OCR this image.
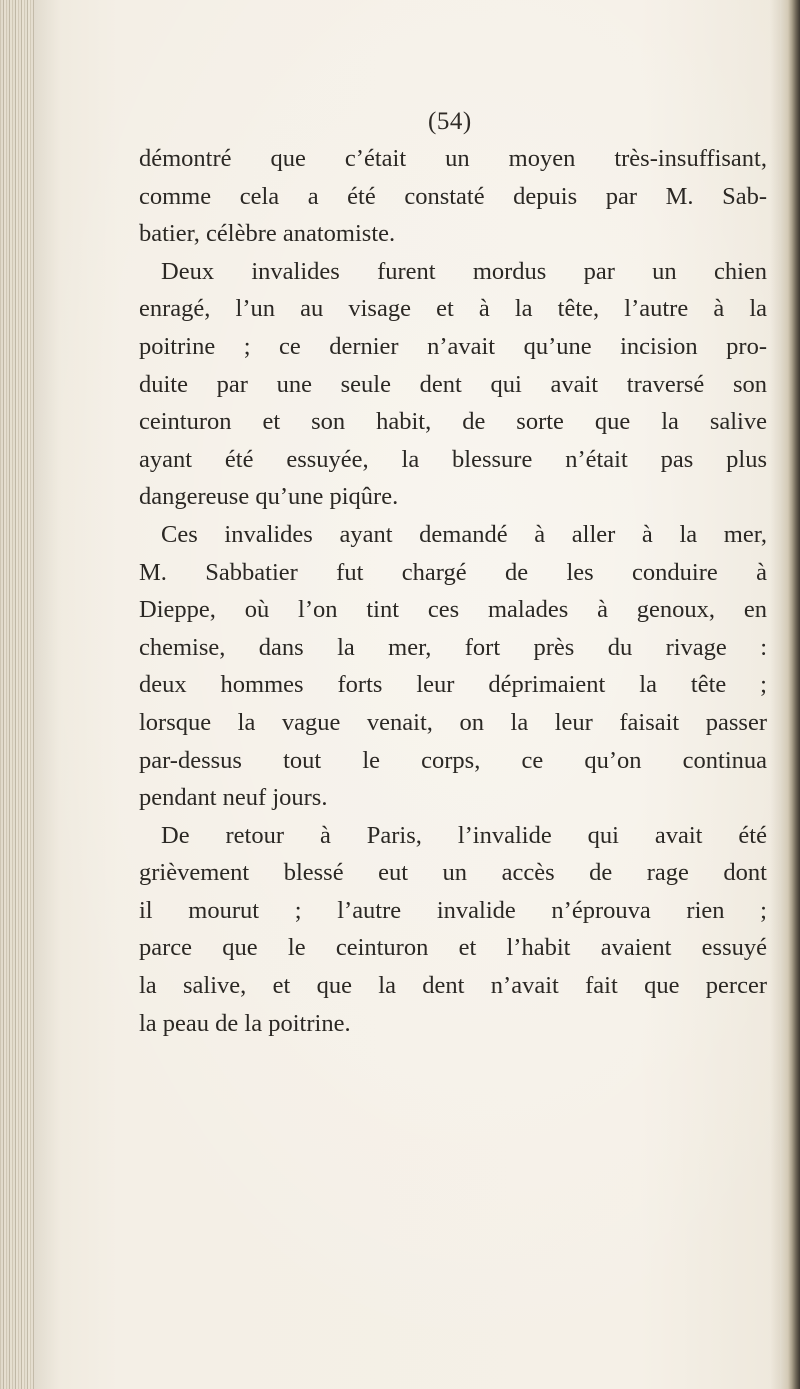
(54)
démontré que c’était un moyen très-insuffisant,
comme cela a été constaté depuis par M. Sab-
batier, célèbre anatomiste.
Deux invalides furent mordus par un chien
enragé, l’un au visage et à la tête, l’autre à la
poitrine ; ce dernier n’avait qu’une incision pro-
duite par une seule dent qui avait traversé son
ceinturon et son habit, de sorte que la salive
ayant été essuyée, la blessure n’était pas plus
dangereuse qu’une piqûre.
Ces invalides ayant demandé à aller à la mer,
M. Sabbatier fut chargé de les conduire à
Dieppe, où l’on tint ces malades à genoux, en
chemise, dans la mer, fort près du rivage :
deux hommes forts leur déprimaient la tête ;
lorsque la vague venait, on la leur faisait passer
par-dessus tout le corps, ce qu’on continua
pendant neuf jours.
De retour à Paris, l’invalide qui avait été
grièvement blessé eut un accès de rage dont
il mourut ; l’autre invalide n’éprouva rien ;
parce que le ceinturon et l’habit avaient essuyé
la salive, et que la dent n’avait fait que percer
la peau de la poitrine.
